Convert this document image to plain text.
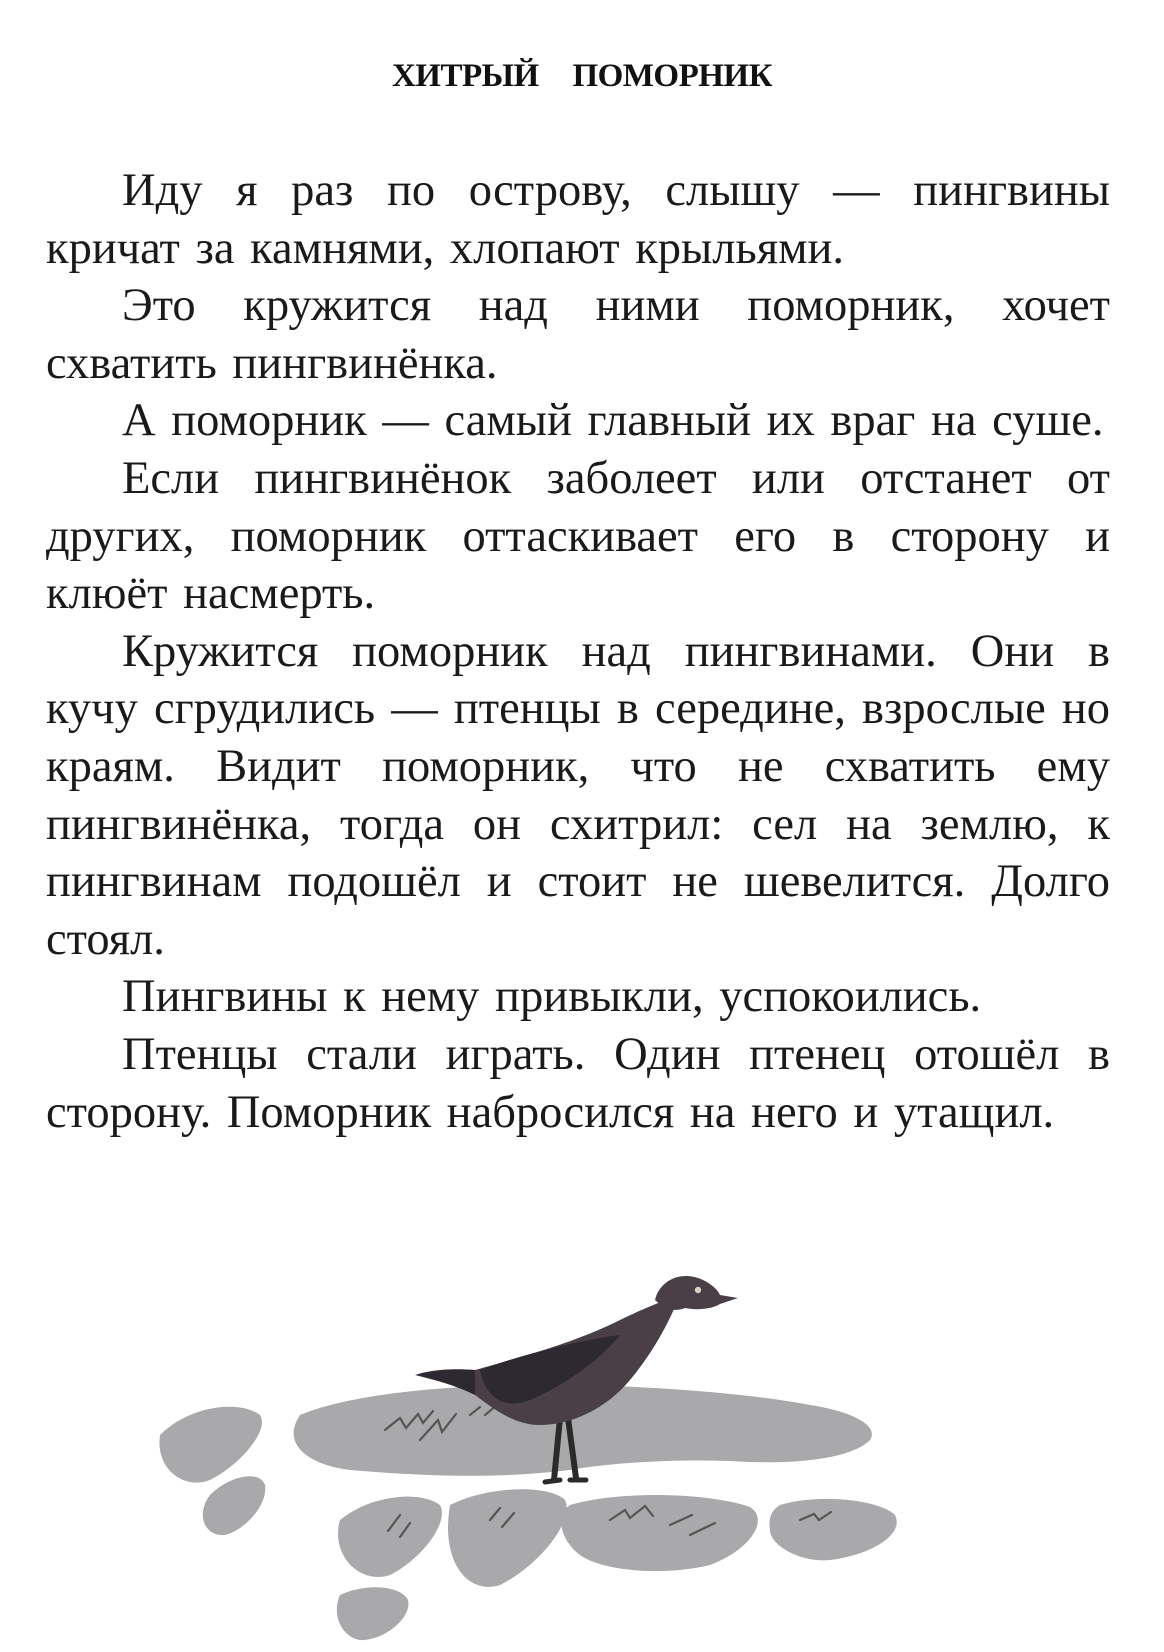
ХИТРЫЙ ПОМОРНИК

Иду я раз по острову, слышу — пингвины кричат за камнями, хлопают крыльями.

Это кружится над ними поморник, хочет схватить пингвинёнка.

А поморник — самый главный их враг на суше.

Если пингвинёнок заболеет или отстанет от других, поморник оттаскивает его в сторону и клюёт насмерть.

Кружится поморник над пингвинами. Они в кучу сгрудились — птенцы в середине, взрослые но краям. Видит поморник, что не схватить ему пингвинёнка, тогда он схитрил: сел на землю, к пингвинам подошёл и стоит не шевелится. Долго стоял.

Пингвины к нему привыкли, успокоились.

Птенцы стали играть. Один птенец отошёл в сторону. Поморник набросился на него и утащил.
